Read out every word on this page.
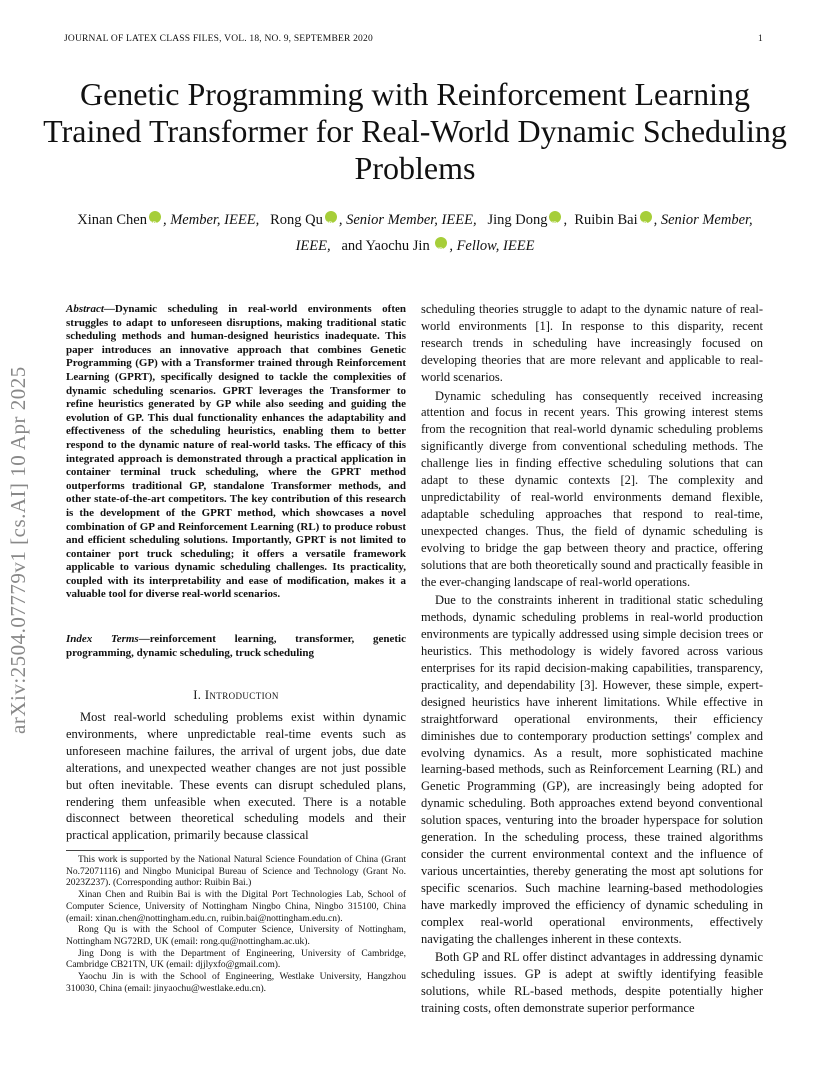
JOURNAL OF LATEX CLASS FILES, VOL. 18, NO. 9, SEPTEMBER 2020	1
Genetic Programming with Reinforcement Learning Trained Transformer for Real-World Dynamic Scheduling Problems
Xinan Chen iD , Member, IEEE, Rong Qu iD , Senior Member, IEEE, Jing Dong iD , Ruibin Bai iD , Senior Member, IEEE, and Yaochu Jin iD , Fellow, IEEE
arXiv:2504.07779v1 [cs.AI] 10 Apr 2025
Abstract—Dynamic scheduling in real-world environments often struggles to adapt to unforeseen disruptions, making traditional static scheduling methods and human-designed heuristics inadequate. This paper introduces an innovative approach that combines Genetic Programming (GP) with a Transformer trained through Reinforcement Learning (GPRT), specifically designed to tackle the complexities of dynamic scheduling scenarios. GPRT leverages the Transformer to refine heuristics generated by GP while also seeding and guiding the evolution of GP. This dual functionality enhances the adaptability and effectiveness of the scheduling heuristics, enabling them to better respond to the dynamic nature of real-world tasks. The efficacy of this integrated approach is demonstrated through a practical application in container terminal truck scheduling, where the GPRT method outperforms traditional GP, standalone Transformer methods, and other state-of-the-art competitors. The key contribution of this research is the development of the GPRT method, which showcases a novel combination of GP and Reinforcement Learning (RL) to produce robust and efficient scheduling solutions. Importantly, GPRT is not limited to container port truck scheduling; it offers a versatile framework applicable to various dynamic scheduling challenges. Its practicality, coupled with its interpretability and ease of modification, makes it a valuable tool for diverse real-world scenarios.
Index Terms—reinforcement learning, transformer, genetic programming, dynamic scheduling, truck scheduling
I. Introduction

Most real-world scheduling problems exist within dynamic environments, where unpredictable real-time events such as unforeseen machine failures, the arrival of urgent jobs, due date alterations, and unexpected weather changes are not just possible but often inevitable. These events can disrupt scheduled plans, rendering them unfeasible when executed. There is a notable disconnect between theoretical scheduling models and their practical application, primarily because classical

This work is supported by the National Natural Science Foundation of China (Grant No.72071116) and Ningbo Municipal Bureau of Science and Technology (Grant No. 2023Z237). (Corresponding author: Ruibin Bai.)

Xinan Chen and Ruibin Bai is with the Digital Port Technologies Lab, School of Computer Science, University of Nottingham Ningbo China, Ningbo 315100, China (email: xinan.chen@nottingham.edu.cn, ruibin.bai@nottingham.edu.cn).

Rong Qu is with the School of Computer Science, University of Nottingham, Nottingham NG72RD, UK (email: rong.qu@nottingham.ac.uk).

Jing Dong is with the Department of Engineering, University of Cambridge, Cambridge CB21TN, UK (email: djjlyxfo@gmail.com).

Yaochu Jin is with the School of Engineering, Westlake University, Hangzhou 310030, China (email: jinyaochu@westlake.edu.cn).

scheduling theories struggle to adapt to the dynamic nature of real-world environments [1]. In response to this disparity, recent research trends in scheduling have increasingly focused on developing theories that are more relevant and applicable to real-world scenarios.

Dynamic scheduling has consequently received increasing attention and focus in recent years. This growing interest stems from the recognition that real-world dynamic scheduling problems significantly diverge from conventional scheduling methods. The challenge lies in finding effective scheduling solutions that can adapt to these dynamic contexts [2]. The complexity and unpredictability of real-world environments demand flexible, adaptable scheduling approaches that respond to real-time, unexpected changes. Thus, the field of dynamic scheduling is evolving to bridge the gap between theory and practice, offering solutions that are both theoretically sound and practically feasible in the ever-changing landscape of real-world operations.

Due to the constraints inherent in traditional static scheduling methods, dynamic scheduling problems in real-world production environments are typically addressed using simple decision trees or heuristics. This methodology is widely favored across various enterprises for its rapid decision-making capabilities, transparency, practicality, and dependability [3]. However, these simple, expert-designed heuristics have inherent limitations. While effective in straightforward operational environments, their efficiency diminishes due to contemporary production settings' complex and evolving dynamics. As a result, more sophisticated machine learning-based methods, such as Reinforcement Learning (RL) and Genetic Programming (GP), are increasingly being adopted for dynamic scheduling. Both approaches extend beyond conventional solution spaces, venturing into the broader hyperspace for solution generation. In the scheduling process, these trained algorithms consider the current environmental context and the influence of various uncertainties, thereby generating the most apt solutions for specific scenarios. Such machine learning-based methodologies have markedly improved the efficiency of dynamic scheduling in complex real-world operational environments, effectively navigating the challenges inherent in these contexts.

Both GP and RL offer distinct advantages in addressing dynamic scheduling issues. GP is adept at swiftly identifying feasible solutions, while RL-based methods, despite potentially higher training costs, often demonstrate superior performance
